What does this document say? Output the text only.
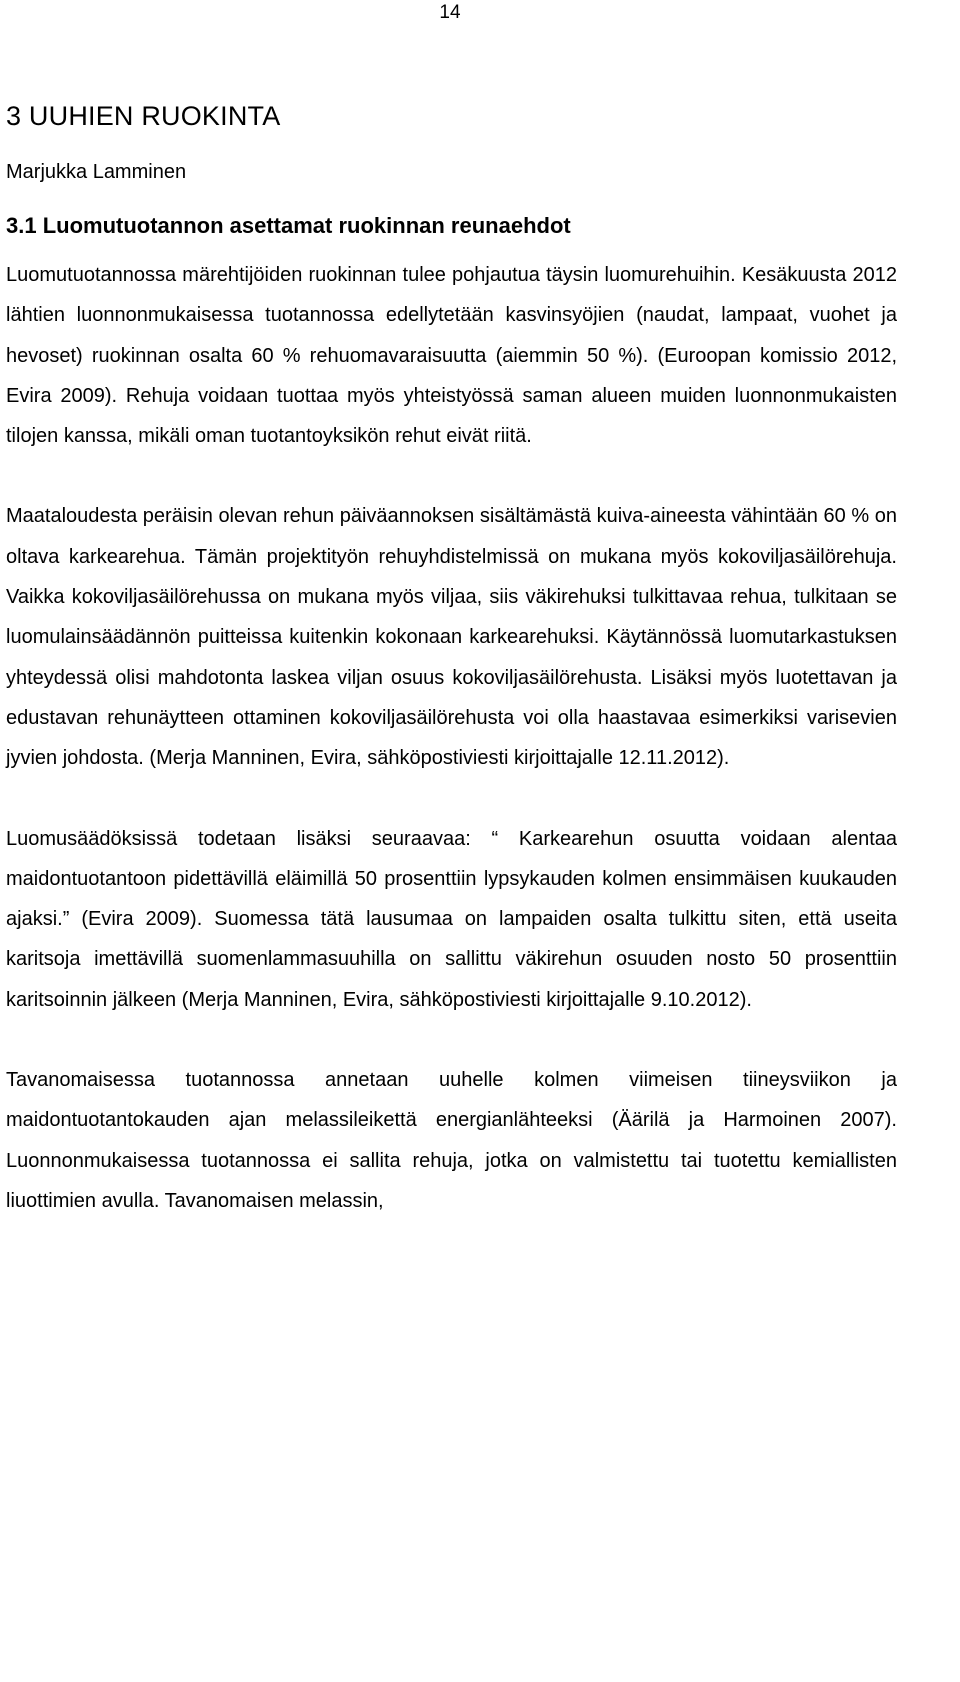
14
3 UUHIEN RUOKINTA
Marjukka Lamminen
3.1 Luomutuotannon asettamat ruokinnan reunaehdot

Luomutuotannossa märehtijöiden ruokinnan tulee pohjautua täysin luomurehuihin. Kesäkuusta 2012 lähtien luonnonmukaisessa tuotannossa edellytetään kasvinsyöjien (naudat, lampaat, vuohet ja hevoset) ruokinnan osalta 60 % rehuomavaraisuutta (aiemmin 50 %). (Euroopan komissio 2012, Evira 2009). Rehuja voidaan tuottaa myös yhteistyössä saman alueen muiden luonnonmukaisten tilojen kanssa, mikäli oman tuotantoyksikön rehut eivät riitä.

Maataloudesta peräisin olevan rehun päiväannoksen sisältämästä kuiva-aineesta vähintään 60 % on oltava karkearehua. Tämän projektityön rehuyhdistelmissä on mukana myös kokoviljasäilörehuja. Vaikka kokoviljasäilörehussa on mukana myös viljaa, siis väkirehuksi tulkittavaa rehua, tulkitaan se luomulainsäädännön puitteissa kuitenkin kokonaan karkearehuksi. Käytännössä luomutarkastuksen yhteydessä olisi mahdotonta laskea viljan osuus kokoviljasäilörehusta. Lisäksi myös luotettavan ja edustavan rehunäytteen ottaminen kokoviljasäilörehusta voi olla haastavaa esimerkiksi varisevien jyvien johdosta. (Merja Manninen, Evira, sähköpostiviesti kirjoittajalle 12.11.2012).

Luomusäädöksissä todetaan lisäksi seuraavaa: “ Karkearehun osuutta voidaan alentaa maidontuotantoon pidettävillä eläimillä 50 prosenttiin lypsykauden kolmen ensimmäisen kuukauden ajaksi.” (Evira 2009). Suomessa tätä lausumaa on lampaiden osalta tulkittu siten, että useita karitsoja imettävillä suomenlammasuuhilla on sallittu väkirehun osuuden nosto 50 prosenttiin karitsoinnin jälkeen (Merja Manninen, Evira, sähköpostiviesti kirjoittajalle 9.10.2012).

Tavanomaisessa tuotannossa annetaan uuhelle kolmen viimeisen tiineysviikon ja maidontuotantokauden ajan melassileikettä energianlähteeksi (Äärilä ja Harmoinen 2007). Luonnonmukaisessa tuotannossa ei sallita rehuja, jotka on valmistettu tai tuotettu kemiallisten liuottimien avulla. Tavanomaisen melassin,
